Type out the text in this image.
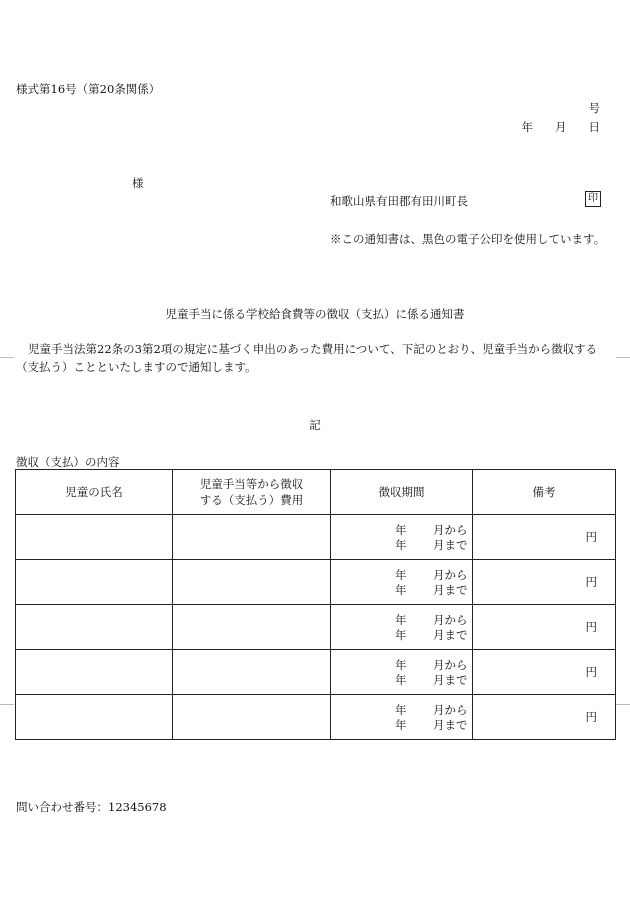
様式第16号（第20条関係）
号
年 月 日
様
和歌山県有田郡有田川町長	印
※この通知書は、黒色の電子公印を使用しています。
児童手当に係る学校給食費等の徴収（支払）に係る通知書
児童手当法第22条の3第2項の規定に基づく申出のあった費用について、下記のとおり、児童手当から徴収する（支払う）ことといたしますので通知します。
記
徴収（支払）の内容
児童の氏名	児童手当等から徴収
する（支払う）費用	徴収期間	備考

		年 月から
年 月まで	円

		年 月から
年 月まで	円

		年 月から
年 月まで	円

		年 月から
年 月まで	円

		年 月から
年 月まで	円
問い合わせ番号：12345678
